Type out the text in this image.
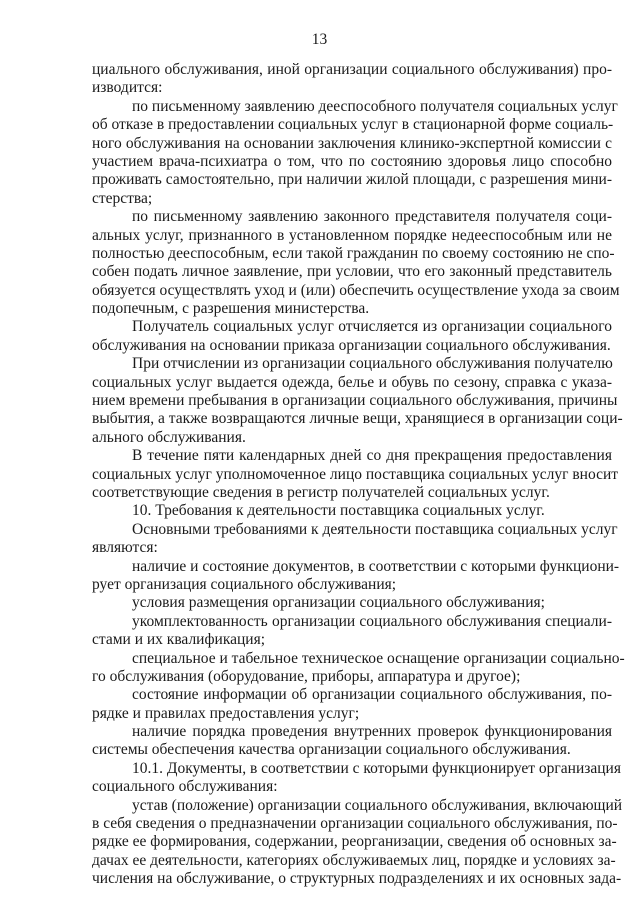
13
циального обслуживания, иной организации социального обслуживания) про-
изводится:
по письменному заявлению дееспособного получателя социальных услуг
об отказе в предоставлении социальных услуг в стационарной форме социаль-
ного обслуживания на основании заключения клинико-экспертной комиссии с
участием врача-психиатра о том, что по состоянию здоровья лицо способно
проживать самостоятельно, при наличии жилой площади, с разрешения мини-
стерства;
по письменному заявлению законного представителя получателя соци-
альных услуг, признанного в установленном порядке недееспособным или не
полностью дееспособным, если такой гражданин по своему состоянию не спо-
собен подать личное заявление, при условии, что его законный представитель
обязуется осуществлять уход и (или) обеспечить осуществление ухода за своим
подопечным, с разрешения министерства.
Получатель социальных услуг отчисляется из организации социального
обслуживания на основании приказа организации социального обслуживания.
При отчислении из организации социального обслуживания получателю
социальных услуг выдается одежда, белье и обувь по сезону, справка с указа-
нием времени пребывания в организации социального обслуживания, причины
выбытия, а также возвращаются личные вещи, хранящиеся в организации соци-
ального обслуживания.
В течение пяти календарных дней со дня прекращения предоставления
социальных услуг уполномоченное лицо поставщика социальных услуг вносит
соответствующие сведения в регистр получателей социальных услуг.
10. Требования к деятельности поставщика социальных услуг.
Основными требованиями к деятельности поставщика социальных услуг
являются:
наличие и состояние документов, в соответствии с которыми функциони-
рует организация социального обслуживания;
условия размещения организации социального обслуживания;
укомплектованность организации социального обслуживания специали-
стами и их квалификация;
специальное и табельное техническое оснащение организации социально-
го обслуживания (оборудование, приборы, аппаратура и другое);
состояние информации об организации социального обслуживания, по-
рядке и правилах предоставления услуг;
наличие порядка проведения внутренних проверок функционирования
системы обеспечения качества организации социального обслуживания.
10.1. Документы, в соответствии с которыми функционирует организация
социального обслуживания:
устав (положение) организации социального обслуживания, включающий
в себя сведения о предназначении организации социального обслуживания, по-
рядке ее формирования, содержании, реорганизации, сведения об основных за-
дачах ее деятельности, категориях обслуживаемых лиц, порядке и условиях за-
числения на обслуживание, о структурных подразделениях и их основных зада-
